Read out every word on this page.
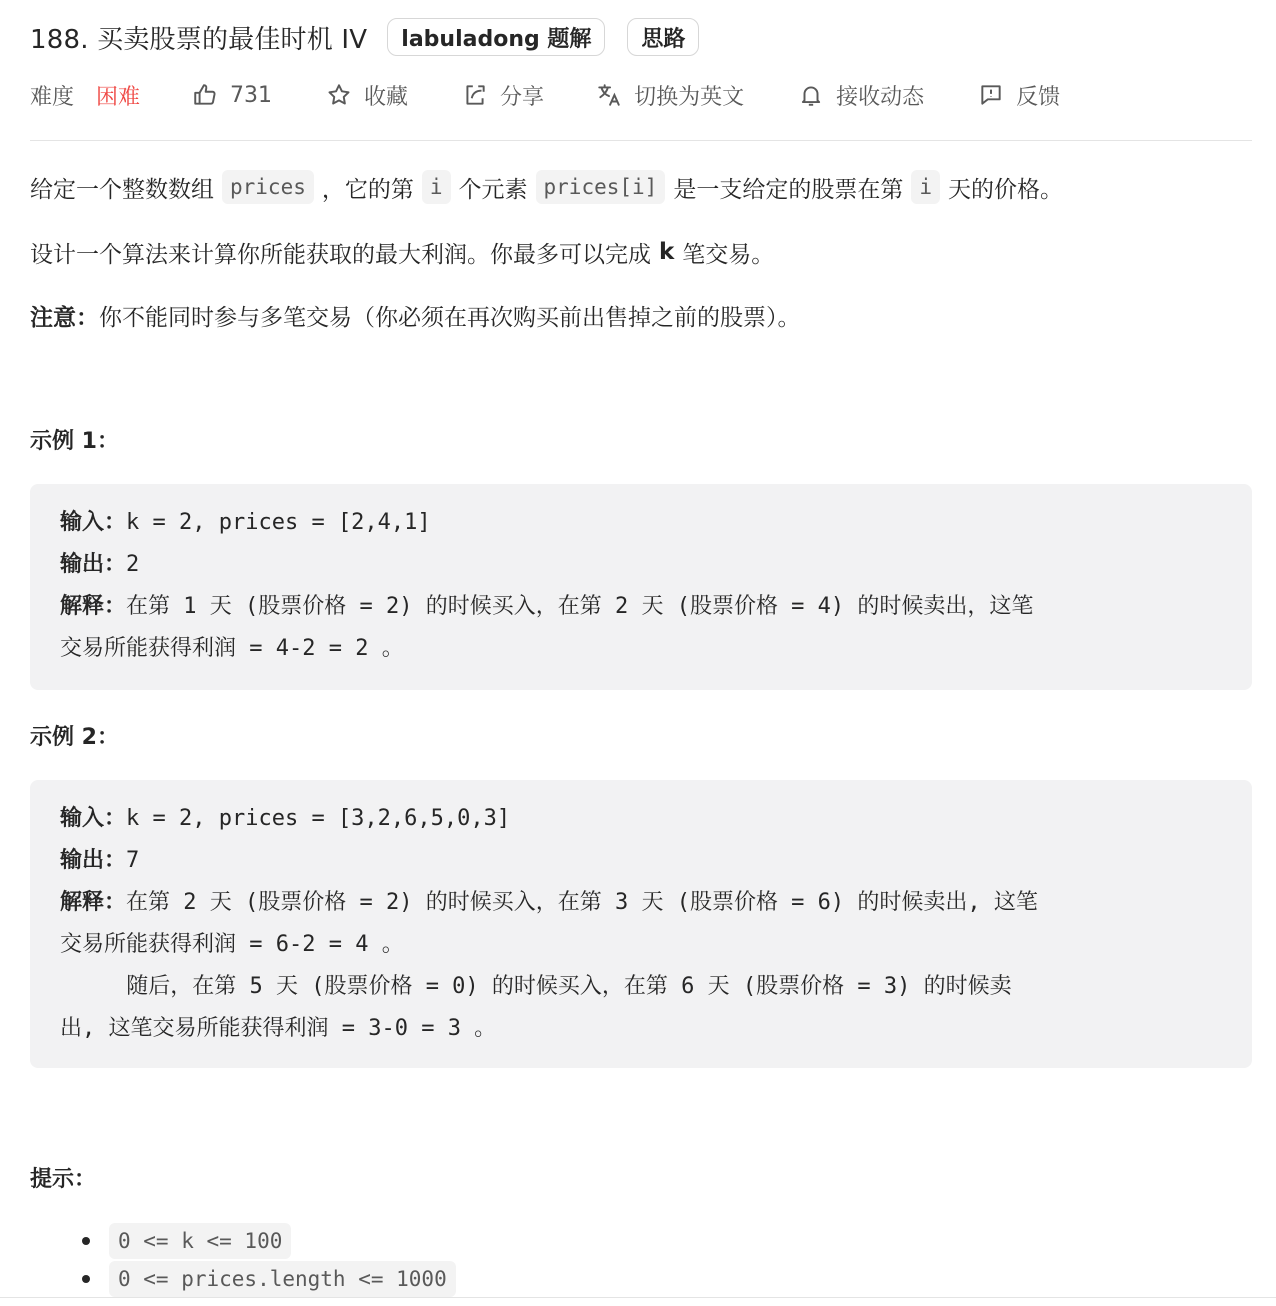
188. 买卖股票的最佳时机 IV	labuladong 题解	思路
难度 困难	731	收藏	分享	切换为英文	接收动态	反馈
给定一个整数数组 prices ，它的第 i 个元素 prices[i] 是一支给定的股票在第 i 天的价格。
设计一个算法来计算你所能获取的最大利润。你最多可以完成 k 笔交易。
注意： 你不能同时参与多笔交易（你必须在再次购买前出售掉之前的股票）。
示例 1：
输入：k = 2, prices = [2,4,1]
输出：2
解释：在第 1 天 (股票价格 = 2) 的时候买入，在第 2 天 (股票价格 = 4) 的时候卖出，这笔
交易所能获得利润 = 4-2 = 2 。
示例 2：
输入：k = 2, prices = [3,2,6,5,0,3]
输出：7
解释：在第 2 天 (股票价格 = 2) 的时候买入，在第 3 天 (股票价格 = 6) 的时候卖出, 这笔
交易所能获得利润 = 6-2 = 4 。
随后，在第 5 天 (股票价格 = 0) 的时候买入，在第 6 天 (股票价格 = 3) 的时候卖
出, 这笔交易所能获得利润 = 3-0 = 3 。
提示：
0 <= k <= 100
0 <= prices.length <= 1000
